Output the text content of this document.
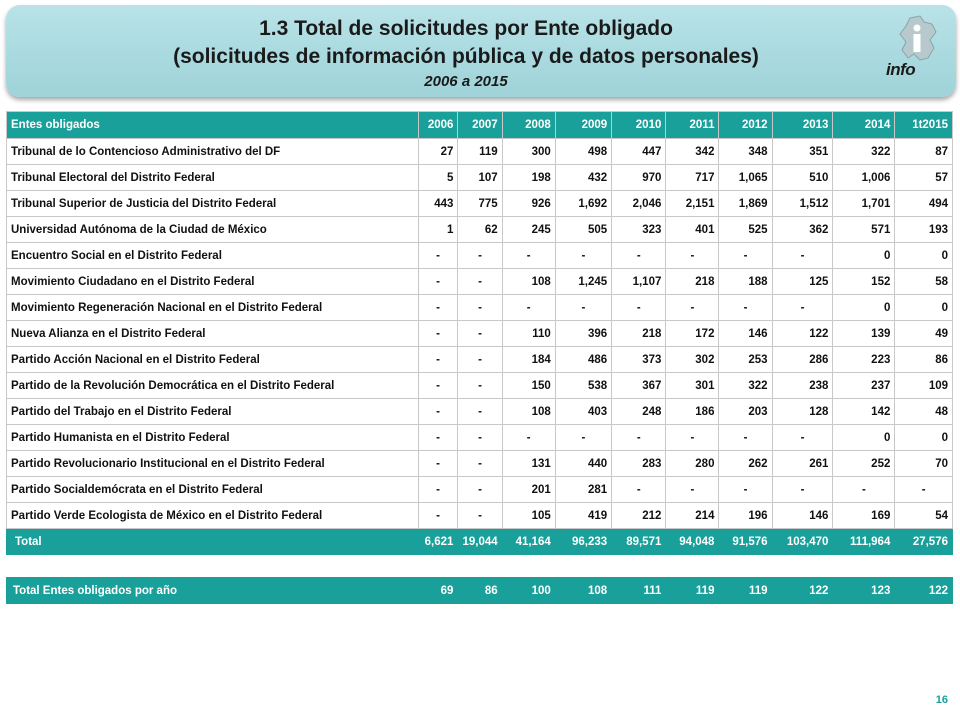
1.3 Total de solicitudes por Ente obligado
(solicitudes de información pública y de datos personales)
2006 a 2015
info
Entes obligados	2006	2007	2008	2009	2010	2011	2012	2013	2014	1t2015
Tribunal de lo Contencioso Administrativo del DF	27	119	300	498	447	342	348	351	322	87
Tribunal Electoral del Distrito Federal	5	107	198	432	970	717	1,065	510	1,006	57
Tribunal Superior de Justicia del Distrito Federal	443	775	926	1,692	2,046	2,151	1,869	1,512	1,701	494
Universidad Autónoma de la Ciudad de México	1	62	245	505	323	401	525	362	571	193
Encuentro Social en el Distrito Federal	-	-	-	-	-	-	-	-	0	0
Movimiento Ciudadano en el Distrito Federal	-	-	108	1,245	1,107	218	188	125	152	58
Movimiento Regeneración Nacional en el Distrito Federal	-	-	-	-	-	-	-	-	0	0
Nueva Alianza en el Distrito Federal	-	-	110	396	218	172	146	122	139	49
Partido Acción Nacional en el Distrito Federal	-	-	184	486	373	302	253	286	223	86
Partido de la Revolución Democrática en el Distrito Federal	-	-	150	538	367	301	322	238	237	109
Partido del Trabajo en el Distrito Federal	-	-	108	403	248	186	203	128	142	48
Partido Humanista en el Distrito Federal	-	-	-	-	-	-	-	-	0	0
Partido Revolucionario Institucional en el Distrito Federal	-	-	131	440	283	280	262	261	252	70
Partido Socialdemócrata en el Distrito Federal	-	-	201	281	-	-	-	-	-	-
Partido Verde Ecologista de México en el Distrito Federal	-	-	105	419	212	214	196	146	169	54
Total	6,621	19,044	41,164	96,233	89,571	94,048	91,576	103,470	111,964	27,576
Total Entes obligados por año	69	86	100	108	111	119	119	122	123	122
16
